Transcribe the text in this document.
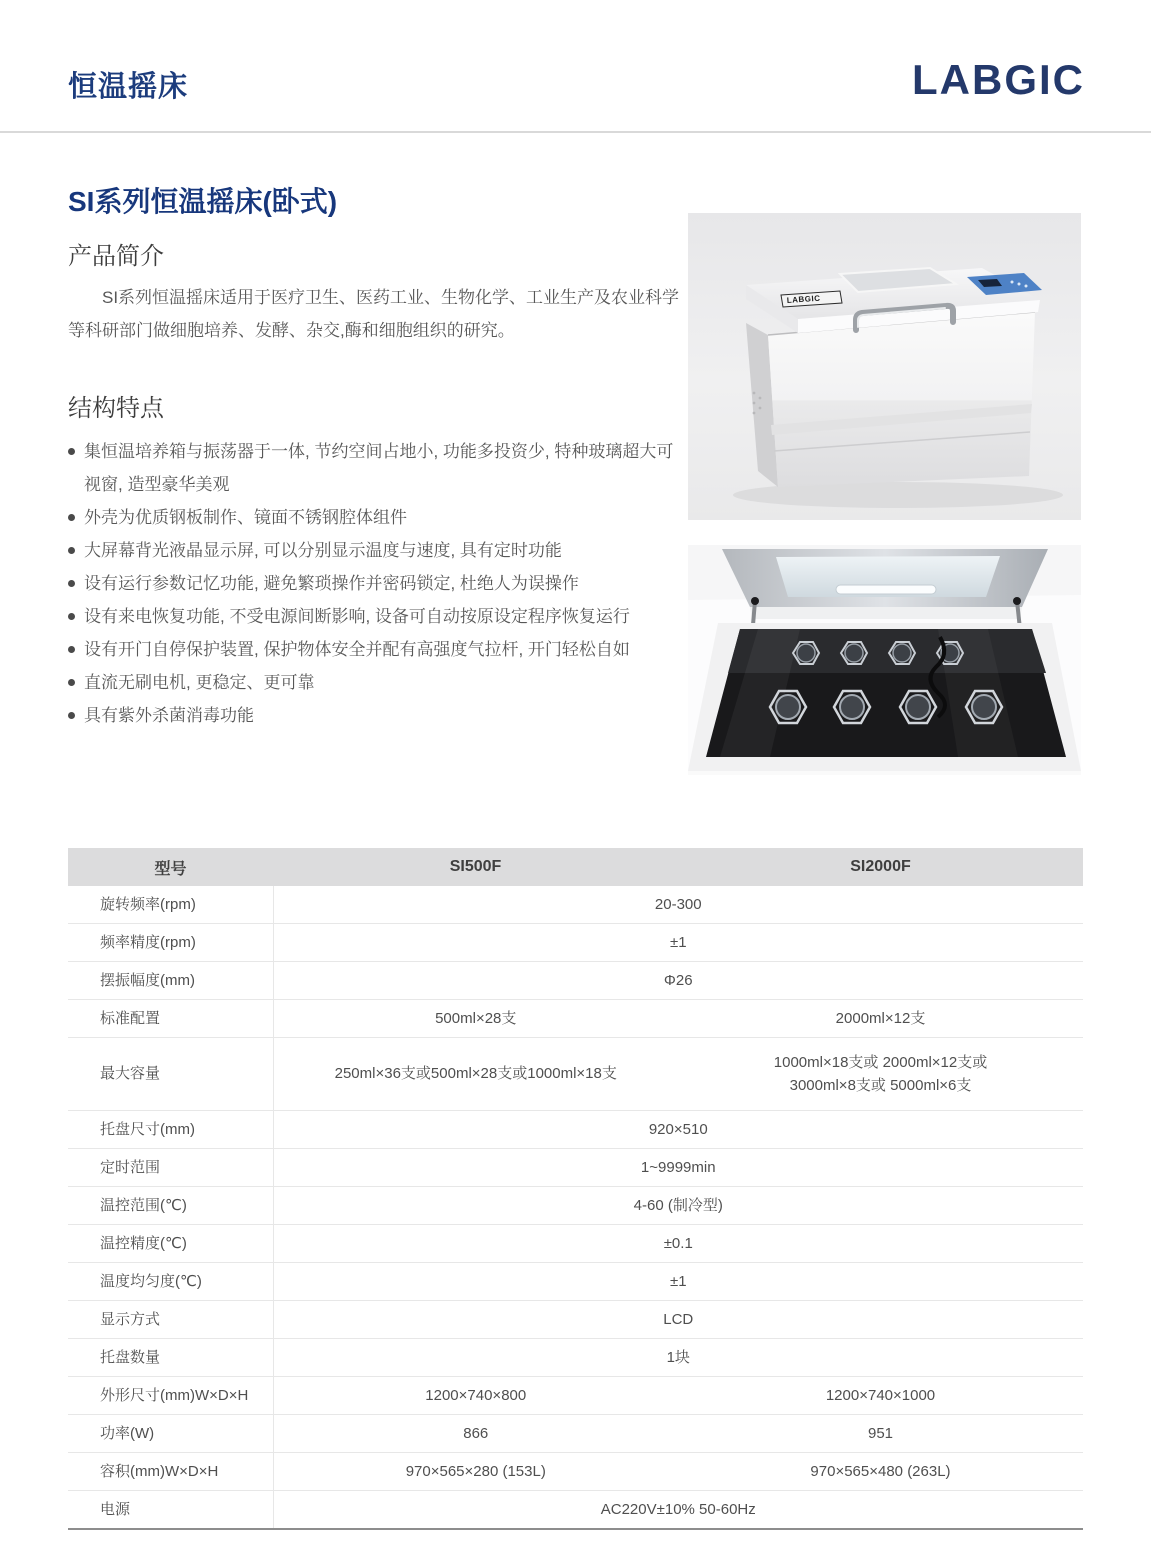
恒温摇床	LABGIC
SI系列恒温摇床(卧式)
产品简介
SI系列恒温摇床适用于医疗卫生、医药工业、生物化学、工业生产及农业科学等科研部门做细胞培养、发酵、杂交,酶和细胞组织的研究。
结构特点
集恒温培养箱与振荡器于一体, 节约空间占地小, 功能多投资少, 特种玻璃超大可视窗, 造型豪华美观
外壳为优质钢板制作、镜面不锈钢腔体组件
大屏幕背光液晶显示屏, 可以分别显示温度与速度, 具有定时功能
设有运行参数记忆功能, 避免繁琐操作并密码锁定, 杜绝人为误操作
设有来电恢复功能, 不受电源间断影响, 设备可自动按原设定程序恢复运行
设有开门自停保护装置, 保护物体安全并配有高强度气拉杆, 开门轻松自如
直流无刷电机, 更稳定、更可靠
具有紫外杀菌消毒功能
LABGIC
型号	SI500F	SI2000F
旋转频率(rpm)	20-300	
频率精度(rpm)	±1	
摆振幅度(mm)	Φ26	
标准配置	500ml×28支	2000ml×12支
最大容量	250ml×36支或500ml×28支或1000ml×18支	1000ml×18支或 2000ml×12支或
3000ml×8支或 5000ml×6支

托盘尺寸(mm)	920×510	
定时范围	1~9999min	
温控范围(℃)	4-60 (制冷型)	
温控精度(℃)	±0.1	
温度均匀度(℃)	±1	
显示方式	LCD	
托盘数量	1块	
外形尺寸(mm)W×D×H	1200×740×800	1200×740×1000
功率(W)	866	951
容积(mm)W×D×H	970×565×280 (153L)	970×565×480 (263L)
电源	AC220V±10% 50-60Hz	
